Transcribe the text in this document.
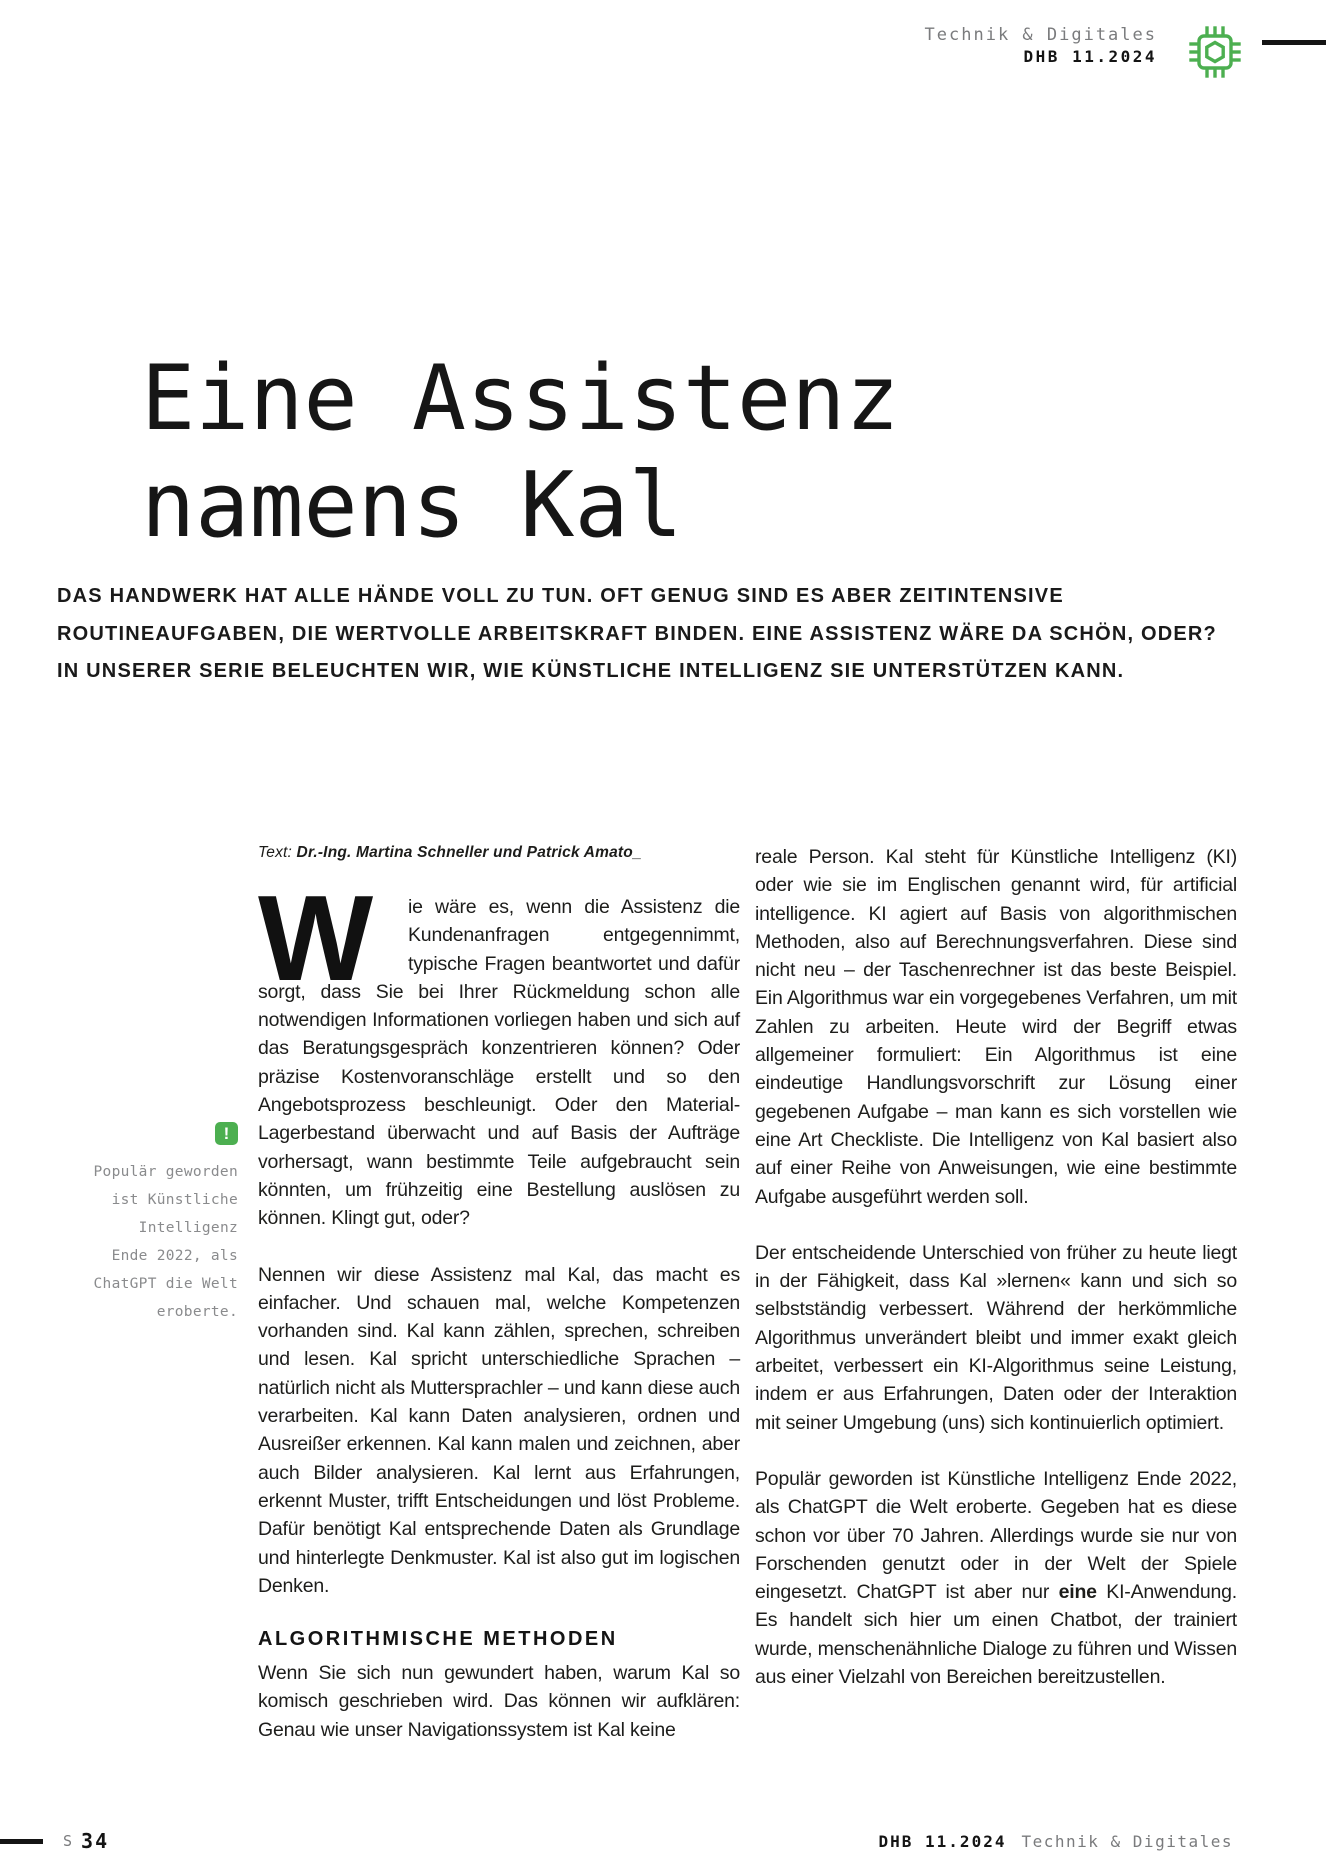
Technik & Digitales
DHB 11.2024
Eine Assistenz
namens Kal
DAS HANDWERK HAT ALLE HÄNDE VOLL ZU TUN. OFT GENUG SIND ES ABER ZEITINTENSIVE
ROUTINEAUFGABEN, DIE WERTVOLLE ARBEITSKRAFT BINDEN. EINE ASSISTENZ WÄRE DA SCHÖN, ODER?
IN UNSERER SERIE BELEUCHTEN WIR, WIE KÜNSTLICHE INTELLIGENZ SIE UNTERSTÜTZEN KANN.
!
Populär geworden
ist Künstliche
Intelligenz
Ende 2022, als
ChatGPT die Welt
eroberte.

Text: Dr.-Ing. Martina Schneller und Patrick Amato_

W	ie wäre es, wenn die Assistenz die Kundenanfragen entgegennimmt, typische Fragen beantwortet und dafür sorgt, dass Sie bei Ihrer Rückmeldung schon alle notwendigen Informationen vorliegen haben und sich auf das Beratungsgespräch konzentrieren können? Oder präzise Kostenvoranschläge erstellt und so den Angebotsprozess beschleunigt. Oder den Material-Lagerbestand überwacht und auf Basis der Aufträge vorhersagt, wann bestimmte Teile aufgebraucht sein könnten, um frühzeitig eine Bestellung auslösen zu können. Klingt gut, oder?

Nennen wir diese Assistenz mal Kal, das macht es einfacher. Und schauen mal, welche Kompetenzen vorhanden sind. Kal kann zählen, sprechen, schreiben und lesen. Kal spricht unterschiedliche Sprachen – natürlich nicht als Muttersprachler – und kann diese auch verarbeiten. Kal kann Daten analysieren, ordnen und Ausreißer erkennen. Kal kann malen und zeichnen, aber auch Bilder analysieren. Kal lernt aus Erfahrungen, erkennt Muster, trifft Entscheidungen und löst Probleme. Dafür benötigt Kal entsprechende Daten als Grundlage und hinterlegte Denkmuster. Kal ist also gut im logischen Denken.

ALGORITHMISCHE METHODEN

Wenn Sie sich nun gewundert haben, warum Kal so komisch geschrieben wird. Das können wir aufklären: Genau wie unser Navigationssystem ist Kal keine

reale Person. Kal steht für Künstliche Intelligenz (KI) oder wie sie im Englischen genannt wird, für artificial intelligence. KI agiert auf Basis von algorithmischen Methoden, also auf Berechnungsverfahren. Diese sind nicht neu – der Taschenrechner ist das beste Beispiel. Ein Algorithmus war ein vorgegebenes Verfahren, um mit Zahlen zu arbeiten. Heute wird der Begriff etwas allgemeiner formuliert: Ein Algorithmus ist eine eindeutige Handlungsvorschrift zur Lösung einer gegebenen Aufgabe – man kann es sich vorstellen wie eine Art Checkliste. Die Intelligenz von Kal basiert also auf einer Reihe von Anweisungen, wie eine bestimmte Aufgabe ausgeführt werden soll.

Der entscheidende Unterschied von früher zu heute liegt in der Fähigkeit, dass Kal »lernen« kann und sich so selbstständig verbessert. Während der herkömmliche Algorithmus unverändert bleibt und immer exakt gleich arbeitet, verbessert ein KI-Algorithmus seine Leistung, indem er aus Erfahrungen, Daten oder der Interaktion mit seiner Umgebung (uns) sich kontinuierlich optimiert.

Populär geworden ist Künstliche Intelligenz Ende 2022, als ChatGPT die Welt eroberte. Gegeben hat es diese schon vor über 70 Jahren. Allerdings wurde sie nur von Forschenden genutzt oder in der Welt der Spiele eingesetzt. ChatGPT ist aber nur eine KI-Anwendung. Es handelt sich hier um einen Chatbot, der trainiert wurde, menschenähnliche Dialoge zu führen und Wissen aus einer Vielzahl von Bereichen bereitzustellen.

S 34	DHB 11.2024 Technik & Digitales
